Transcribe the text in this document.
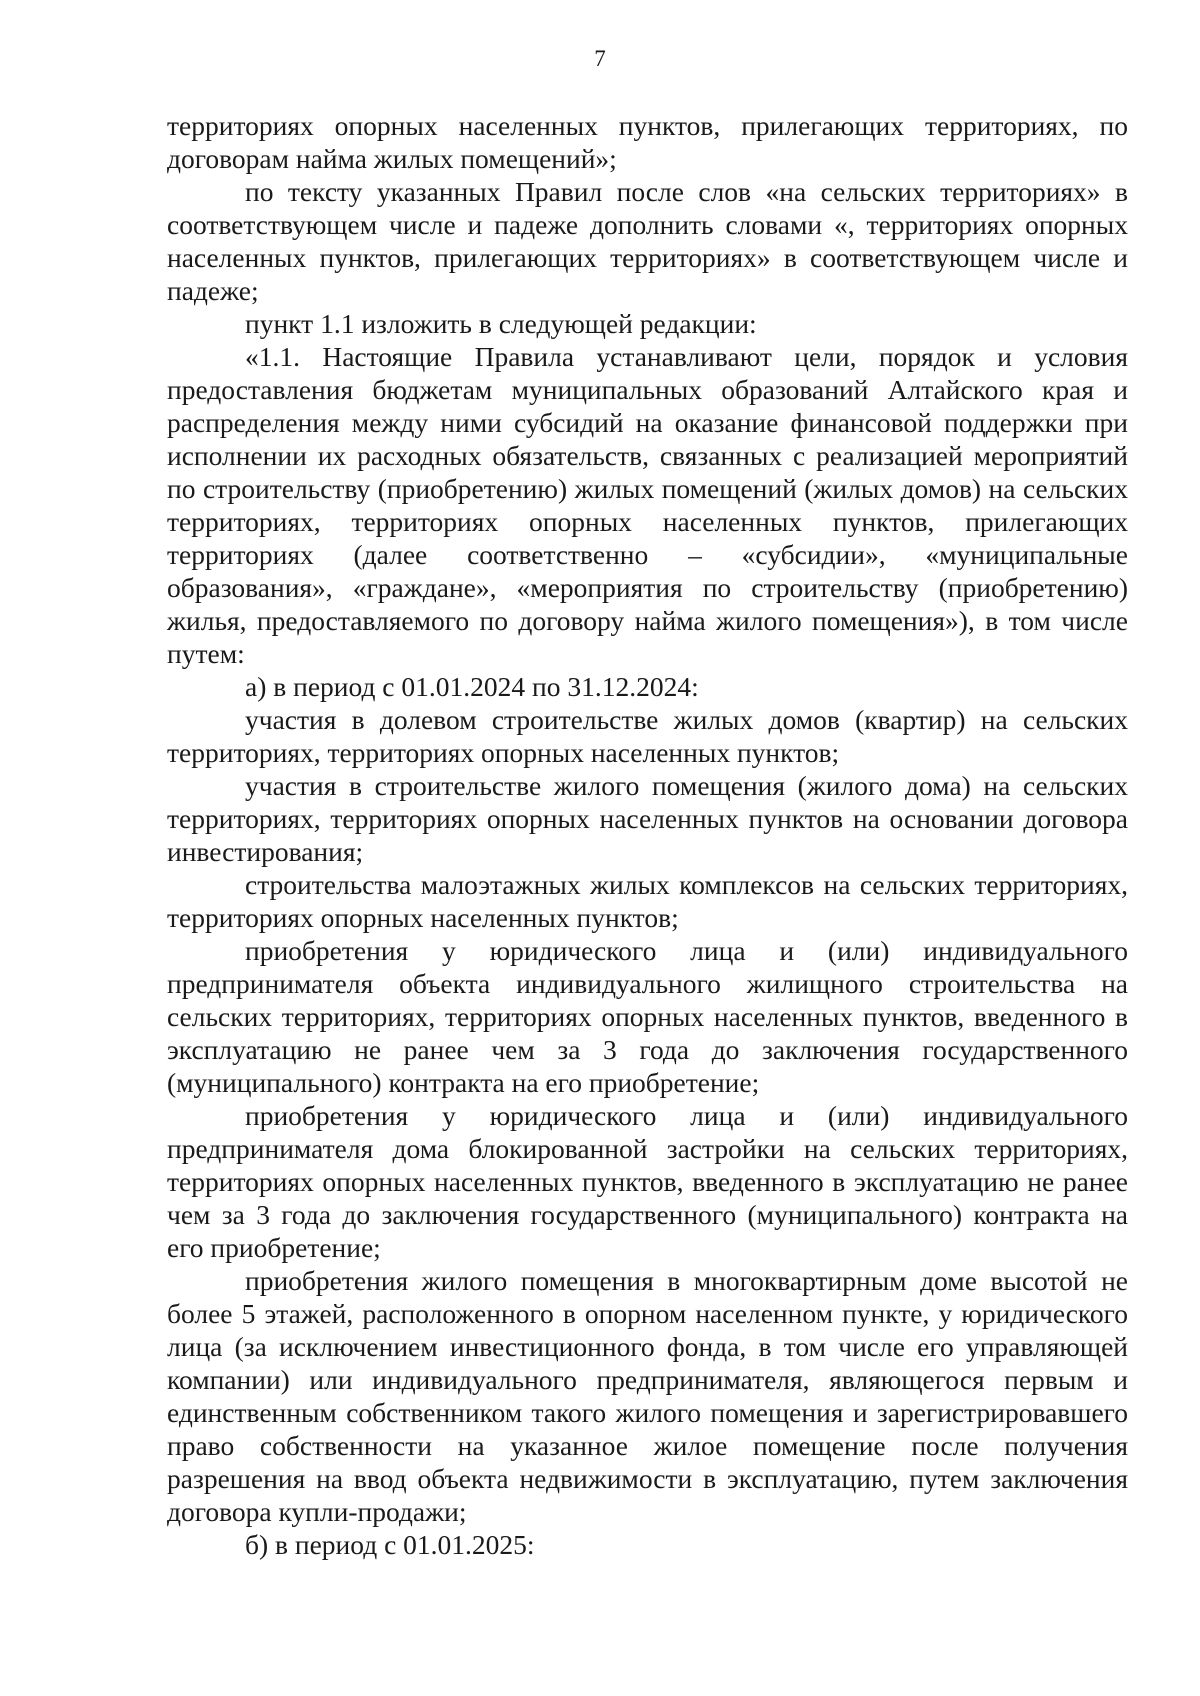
7

территориях опорных населенных пунктов, прилегающих территориях, по договорам найма жилых помещений»;

по тексту указанных Правил после слов «на сельских территориях» в соответствующем числе и падеже дополнить словами «, территориях опорных населенных пунктов, прилегающих территориях» в соответствующем числе и падеже;

пункт 1.1 изложить в следующей редакции:

«1.1. Настоящие Правила устанавливают цели, порядок и условия предоставления бюджетам муниципальных образований Алтайского края и распределения между ними субсидий на оказание финансовой поддержки при исполнении их расходных обязательств, связанных с реализацией мероприятий по строительству (приобретению) жилых помещений (жилых домов) на сельских территориях, территориях опорных населенных пунктов, прилегающих территориях (далее соответственно – «субсидии», «муниципальные образования», «граждане», «мероприятия по строительству (приобретению) жилья, предоставляемого по договору найма жилого помещения»), в том числе путем:

а) в период с 01.01.2024 по 31.12.2024:

участия в долевом строительстве жилых домов (квартир) на сельских территориях, территориях опорных населенных пунктов;

участия в строительстве жилого помещения (жилого дома) на сельских территориях, территориях опорных населенных пунктов на основании договора инвестирования;

строительства малоэтажных жилых комплексов на сельских территориях, территориях опорных населенных пунктов;

приобретения у юридического лица и (или) индивидуального предпринимателя объекта индивидуального жилищного строительства на сельских территориях, территориях опорных населенных пунктов, введенного в эксплуатацию не ранее чем за 3 года до заключения государственного (муниципального) контракта на его приобретение;

приобретения у юридического лица и (или) индивидуального предпринимателя дома блокированной застройки на сельских территориях, территориях опорных населенных пунктов, введенного в эксплуатацию не ранее чем за 3 года до заключения государственного (муниципального) контракта на его приобретение;

приобретения жилого помещения в многоквартирным доме высотой не более 5 этажей, расположенного в опорном населенном пункте, у юридического лица (за исключением инвестиционного фонда, в том числе его управляющей компании) или индивидуального предпринимателя, являющегося первым и единственным собственником такого жилого помещения и зарегистрировавшего право собственности на указанное жилое помещение после получения разрешения на ввод объекта недвижимости в эксплуатацию, путем заключения договора купли-продажи;

б) в период с 01.01.2025:
